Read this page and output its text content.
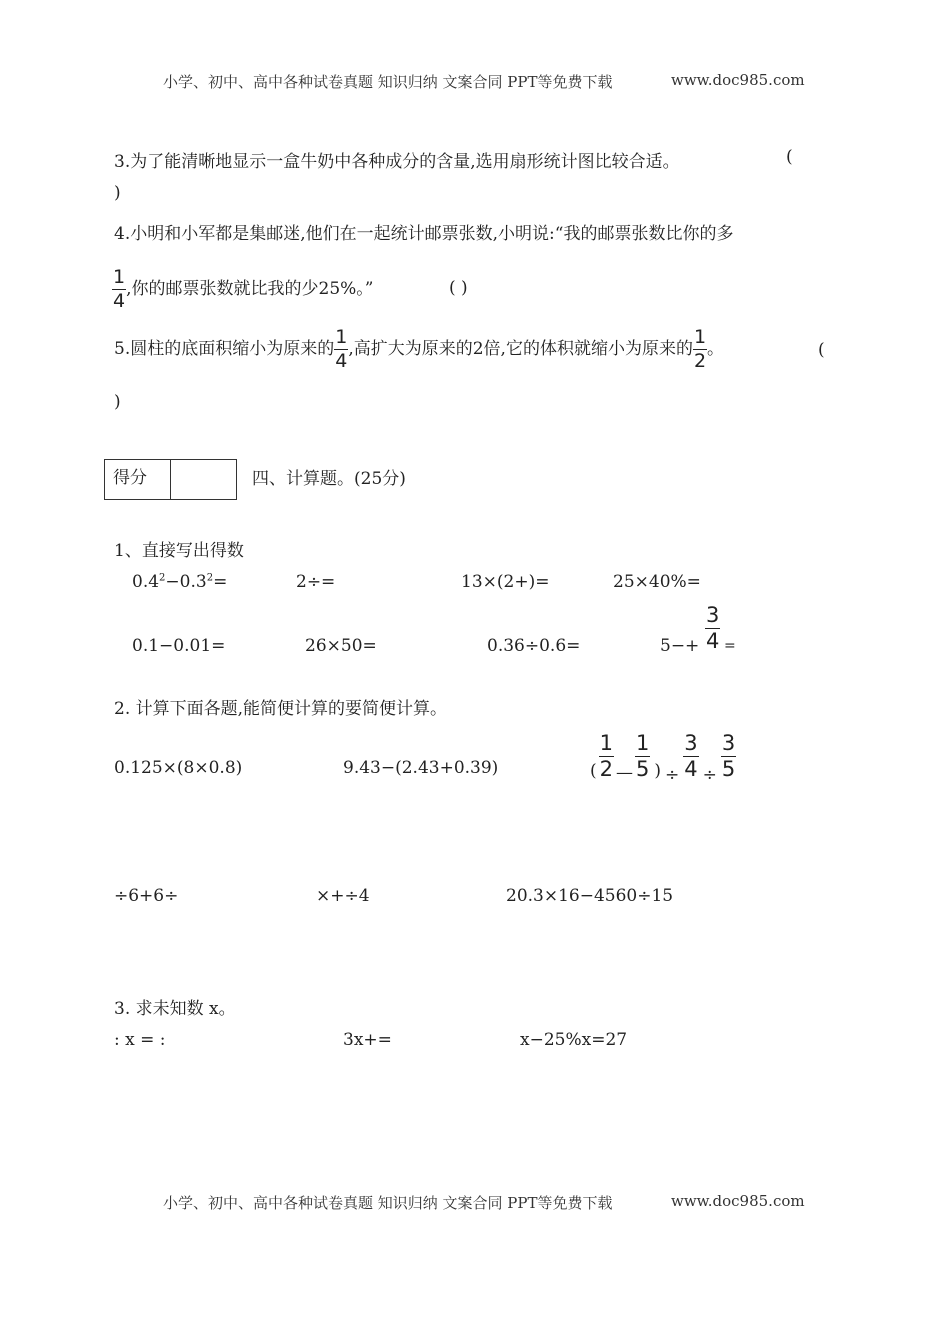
小学、初中、高中各种试卷真题 知识归纳 文案合同 PPT等免费下载	www.doc985.com
3.为了能清晰地显示一盒牛奶中各种成分的含量,选用扇形统计图比较合适。	(
)
4.小明和小军都是集邮迷,他们在一起统计邮票张数,小明说:“我的邮票张数比你的多
$\frac{1}{4}$ ,你的邮票张数就比我的少25%。”	( )
5.圆柱的底面积缩小为原来的 $\frac{1}{4}$ ,高扩大为原来的2倍,它的体积就缩小为原来的 $\frac{1}{2}$ 。	(
)
得分	四、计算题。(25分)
1、直接写出得数
$0.4^2-0.3^2=$	2÷=	13×(2+)=	25×40%=
0.1−0.01=	26×50=	0.36÷0.6=	5−+
3
4 =
2. 计算下面各题,能简便计算的要简便计算。
0.125×(8×0.8)	9.43−(2.43+0.39)	( $\frac{1}{2}$ — $\frac{1}{5}$ ) ÷ $\frac{3}{4} \div \frac{3}{5}$
÷6+6÷	×+÷4	20.3×16−4560÷15
3. 求未知数 x。
: x = :	3x+=	x−25%x=27
小学、初中、高中各种试卷真题 知识归纳 文案合同 PPT等免费下载	www.doc985.com
